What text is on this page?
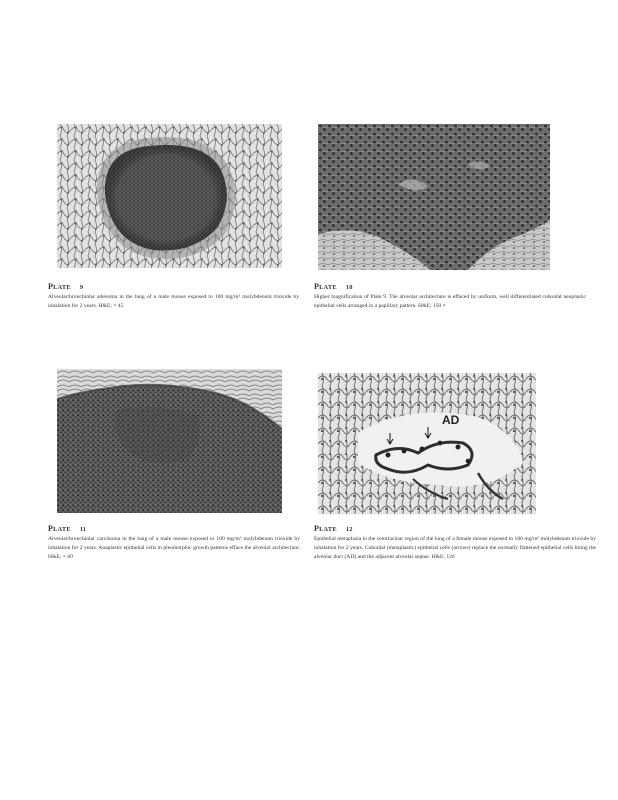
PLATE 9
Alveolar/bronchiolar adenoma in the lung of a male mouse exposed to 100 mg/m³ molybdenum trioxide by inhalation for 2 years. H&E; × 45
PLATE 10
Higher magnification of Plate 9. The alveolar architecture is effaced by uniform, well differentiated cuboidal neoplastic epithelial cells arranged in a papillary pattern. H&E; 150 ×
PLATE 11
Alveolar/bronchiolar carcinoma in the lung of a male mouse exposed to 100 mg/m³ molybdenum trioxide by inhalation for 2 years. Anaplastic epithelial cells in pleomorphic growth patterns efface the alveolar architecture. H&E; × 60
AD
PLATE 12
Epithelial metaplasia in the centriacinar region of the lung of a female mouse exposed to 100 mg/m³ molybdenum trioxide by inhalation for 2 years. Cuboidal (metaplastic) epithelial cells (arrows) replace the normally flattened epithelial cells lining the alveolar duct (AD) and the adjacent alveolar septae. H&E; 126
